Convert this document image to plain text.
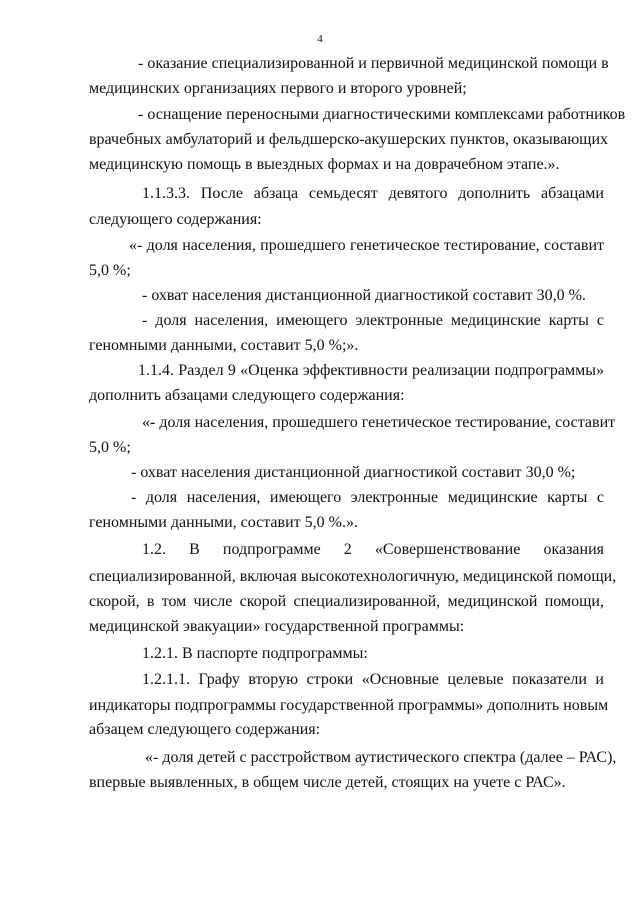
4
- оказание специализированной и первичной медицинской помощи в
медицинских организациях первого и второго уровней;
- оснащение переносными диагностическими комплексами работников
врачебных амбулаторий и фельдшерско-акушерских пунктов, оказывающих
медицинскую помощь в выездных формах и на доврачебном этапе.».
1.1.3.3. После абзаца семьдесят девятого дополнить абзацами
следующего содержания:
«- доля населения, прошедшего генетическое тестирование, составит
5,0 %;
- охват населения дистанционной диагностикой составит 30,0 %.
- доля населения, имеющего электронные медицинские карты с
геномными данными, составит 5,0 %;».
1.1.4. Раздел 9 «Оценка эффективности реализации подпрограммы»
дополнить абзацами следующего содержания:
«- доля населения, прошедшего генетическое тестирование, составит
5,0 %;
- охват населения дистанционной диагностикой составит 30,0 %;
- доля населения, имеющего электронные медицинские карты с
геномными данными, составит 5,0 %.».
1.2. В подпрограмме 2 «Совершенствование оказания
специализированной, включая высокотехнологичную, медицинской помощи,
скорой, в том числе скорой специализированной, медицинской помощи,
медицинской эвакуации» государственной программы:
1.2.1. В паспорте подпрограммы:
1.2.1.1. Графу вторую строки «Основные целевые показатели и
индикаторы подпрограммы государственной программы» дополнить новым
абзацем следующего содержания:
«- доля детей с расстройством аутистического спектра (далее – РАС),
впервые выявленных, в общем числе детей, стоящих на учете с РАС».
